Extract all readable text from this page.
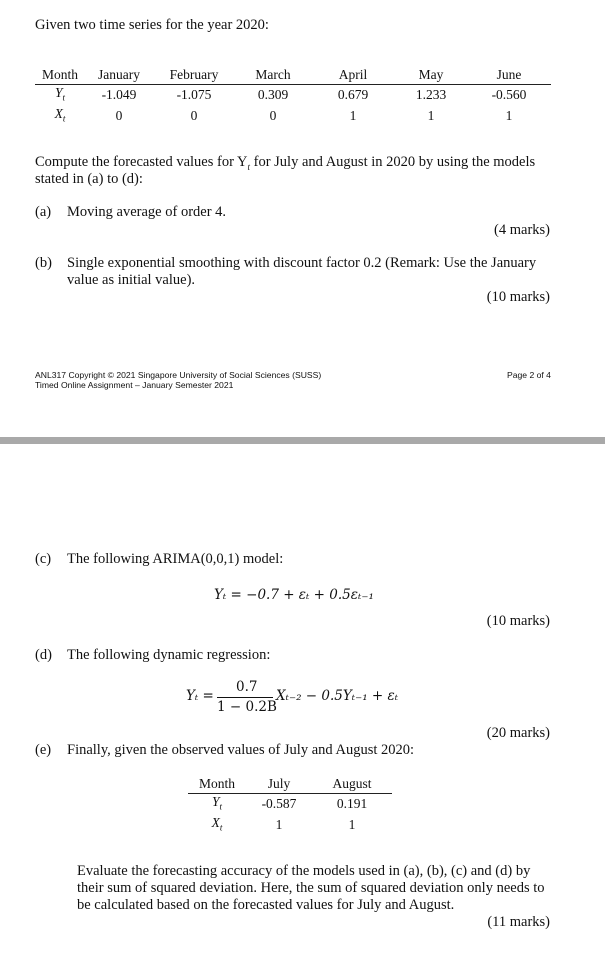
Given two time series for the year 2020:
Month	January	February	March	April	May	June
$Y_t$	-1.049	-1.075	0.309	0.679	1.233	-0.560
$X_t$	0	0	0	1	1	1
Compute the forecasted values for $Y_t$ for July and August in 2020 by using the models
stated in (a) to (d):
(a) Moving average of order 4.
(4 marks)
(b) Single exponential smoothing with discount factor 0.2 (Remark: Use the January
value as initial value).
(10 marks)
ANL317 Copyright © 2021 Singapore University of Social Sciences (SUSS)
Timed Online Assignment – January Semester 2021
Page 2 of 4
(c) The following ARIMA(0,0,1) model:
Yₜ = −0.7 + εₜ + 0.5εₜ₋₁
(10 marks)
(d) The following dynamic regression:
Yₜ =
0.7
1 − 0.2B
Xₜ₋₂ − 0.5Yₜ₋₁ + εₜ
(20 marks)
(e) Finally, given the observed values of July and August 2020:
Month	July	August
$Y_t$	-0.587	0.191
$X_t$	1	1
Evaluate the forecasting accuracy of the models used in (a), (b), (c) and (d) by
their sum of squared deviation. Here, the sum of squared deviation only needs to
be calculated based on the forecasted values for July and August.
(11 marks)
